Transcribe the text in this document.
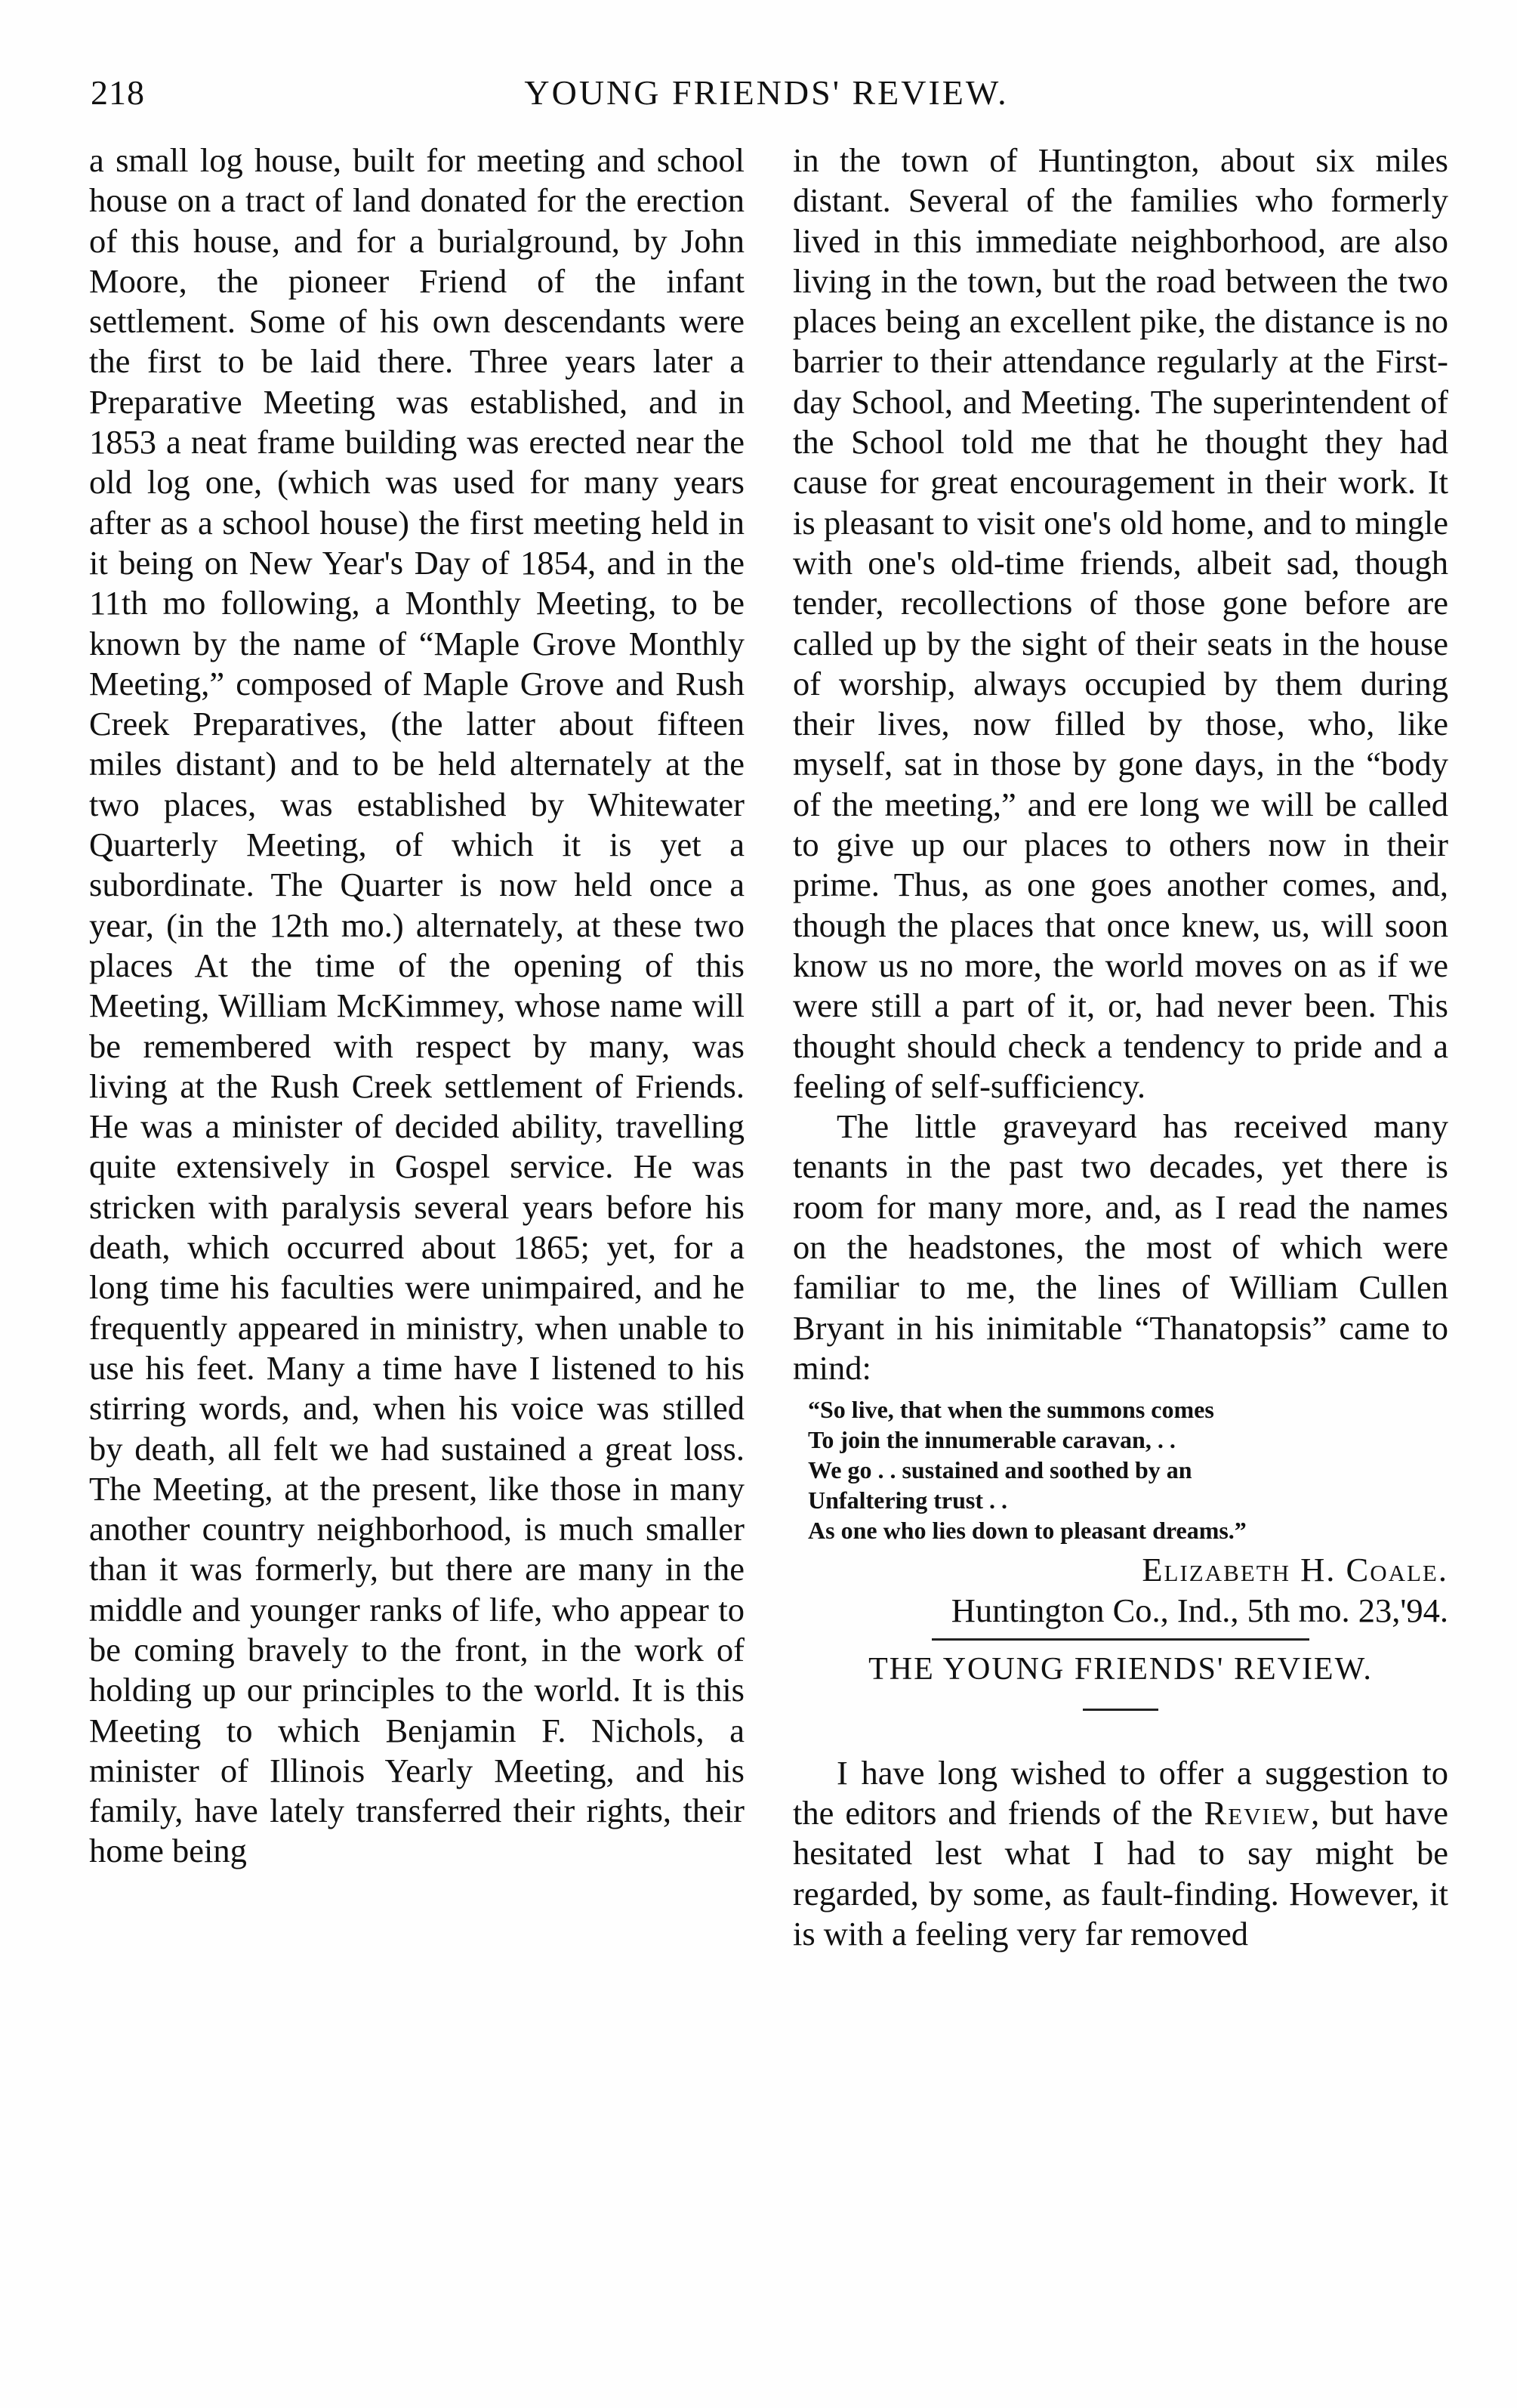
218	YOUNG FRIENDS' REVIEW.

a small log house, built for meeting and school house on a tract of land donated for the erection of this house, and for a burialground, by John Moore, the pioneer Friend of the infant settlement. Some of his own descendants were the first to be laid there. Three years later a Preparative Meeting was established, and in 1853 a neat frame building was erected near the old log one, (which was used for many years after as a school house) the first meeting held in it being on New Year's Day of 1854, and in the 11th mo following, a Monthly Meeting, to be known by the name of “Maple Grove Monthly Meeting,” composed of Maple Grove and Rush Creek Preparatives, (the latter about fifteen miles distant) and to be held alternately at the two places, was established by Whitewater Quarterly Meeting, of which it is yet a subordinate. The Quarter is now held once a year, (in the 12th mo.) alternately, at these two places At the time of the opening of this Meeting, William McKimmey, whose name will be remembered with respect by many, was living at the Rush Creek settlement of Friends. He was a minister of decided ability, travelling quite extensively in Gospel service. He was stricken with paralysis several years before his death, which occurred about 1865; yet, for a long time his faculties were unimpaired, and he frequently appeared in ministry, when unable to use his feet. Many a time have I listened to his stirring words, and, when his voice was stilled by death, all felt we had sustained a great loss. The Meeting, at the present, like those in many another country neighborhood, is much smaller than it was formerly, but there are many in the middle and younger ranks of life, who appear to be coming bravely to the front, in the work of holding up our principles to the world. It is this Meeting to which Benjamin F. Nichols, a minister of Illinois Yearly Meeting, and his family, have lately transferred their rights, their home being

in the town of Huntington, about six miles distant. Several of the families who formerly lived in this immediate neighborhood, are also living in the town, but the road between the two places being an excellent pike, the distance is no barrier to their attendance regularly at the First-day School, and Meeting. The superintendent of the School told me that he thought they had cause for great encouragement in their work. It is pleasant to visit one's old home, and to mingle with one's old-time friends, albeit sad, though tender, recollections of those gone before are called up by the sight of their seats in the house of worship, always occupied by them during their lives, now filled by those, who, like myself, sat in those by gone days, in the “body of the meeting,” and ere long we will be called to give up our places to others now in their prime. Thus, as one goes another comes, and, though the places that once knew, us, will soon know us no more, the world moves on as if we were still a part of it, or, had never been. This thought should check a tendency to pride and a feeling of self-sufficiency.

The little graveyard has received many tenants in the past two decades, yet there is room for many more, and, as I read the names on the headstones, the most of which were familiar to me, the lines of William Cullen Bryant in his inimitable “Thanatopsis” came to mind:

“So live, that when the summons comes
To join the innumerable caravan, . .
We go . . sustained and soothed by an
Unfaltering trust . .
As one who lies down to pleasant dreams.”

Elizabeth H. Coale.

Huntington Co., Ind., 5th mo. 23,'94.

THE YOUNG FRIENDS' REVIEW.

I have long wished to offer a suggestion to the editors and friends of the Review, but have hesitated lest what I had to say might be regarded, by some, as fault-finding. However, it is with a feeling very far removed
